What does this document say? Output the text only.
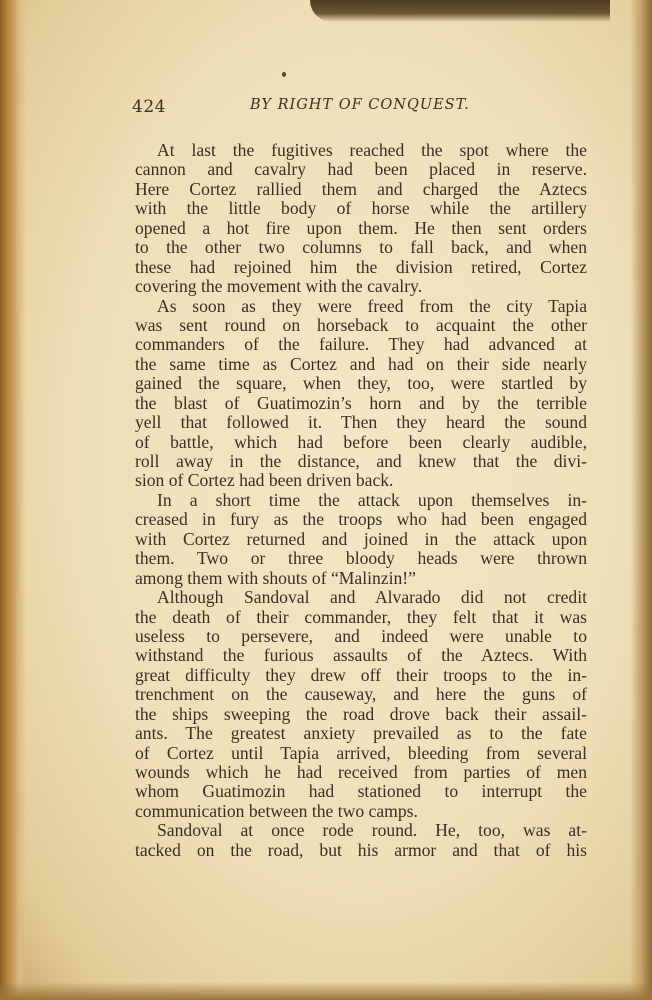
424	BY RIGHT OF CONQUEST.
At last the fugitives reached the spot where the
cannon and cavalry had been placed in reserve.
Here Cortez rallied them and charged the Aztecs
with the little body of horse while the artillery
opened a hot fire upon them. He then sent orders
to the other two columns to fall back, and when
these had rejoined him the division retired, Cortez
covering the movement with the cavalry.
As soon as they were freed from the city Tapia
was sent round on horseback to acquaint the other
commanders of the failure. They had advanced at
the same time as Cortez and had on their side nearly
gained the square, when they, too, were startled by
the blast of Guatimozin’s horn and by the terrible
yell that followed it. Then they heard the sound
of battle, which had before been clearly audible,
roll away in the distance, and knew that the divi-
sion of Cortez had been driven back.
In a short time the attack upon themselves in-
creased in fury as the troops who had been engaged
with Cortez returned and joined in the attack upon
them. Two or three bloody heads were thrown
among them with shouts of “Malinzin!”
Although Sandoval and Alvarado did not credit
the death of their commander, they felt that it was
useless to persevere, and indeed were unable to
withstand the furious assaults of the Aztecs. With
great difficulty they drew off their troops to the in-
trenchment on the causeway, and here the guns of
the ships sweeping the road drove back their assail-
ants. The greatest anxiety prevailed as to the fate
of Cortez until Tapia arrived, bleeding from several
wounds which he had received from parties of men
whom Guatimozin had stationed to interrupt the
communication between the two camps.
Sandoval at once rode round. He, too, was at-
tacked on the road, but his armor and that of his
